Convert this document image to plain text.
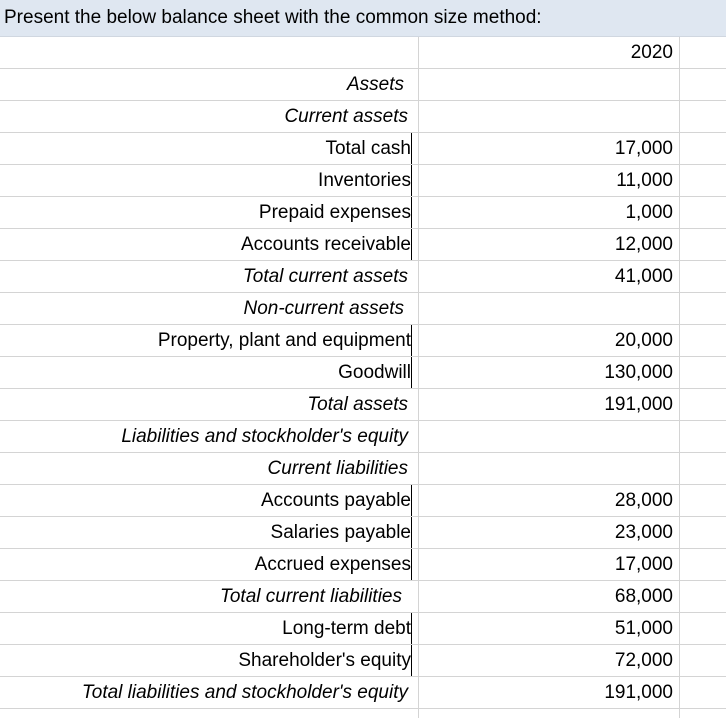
Present the below balance sheet with the common size method:
2020
Assets
Current assets
Total cash	17,000
Inventories	11,000
Prepaid expenses	1,000
Accounts receivable	12,000
Total current assets	41,000
Non-current assets
Property, plant and equipment	20,000
Goodwill	130,000
Total assets	191,000
Liabilities and stockholder's equity
Current liabilities
Accounts payable	28,000
Salaries payable	23,000
Accrued expenses	17,000
Total current liabilities	68,000
Long-term debt	51,000
Shareholder's equity	72,000
Total liabilities and stockholder's equity	191,000
